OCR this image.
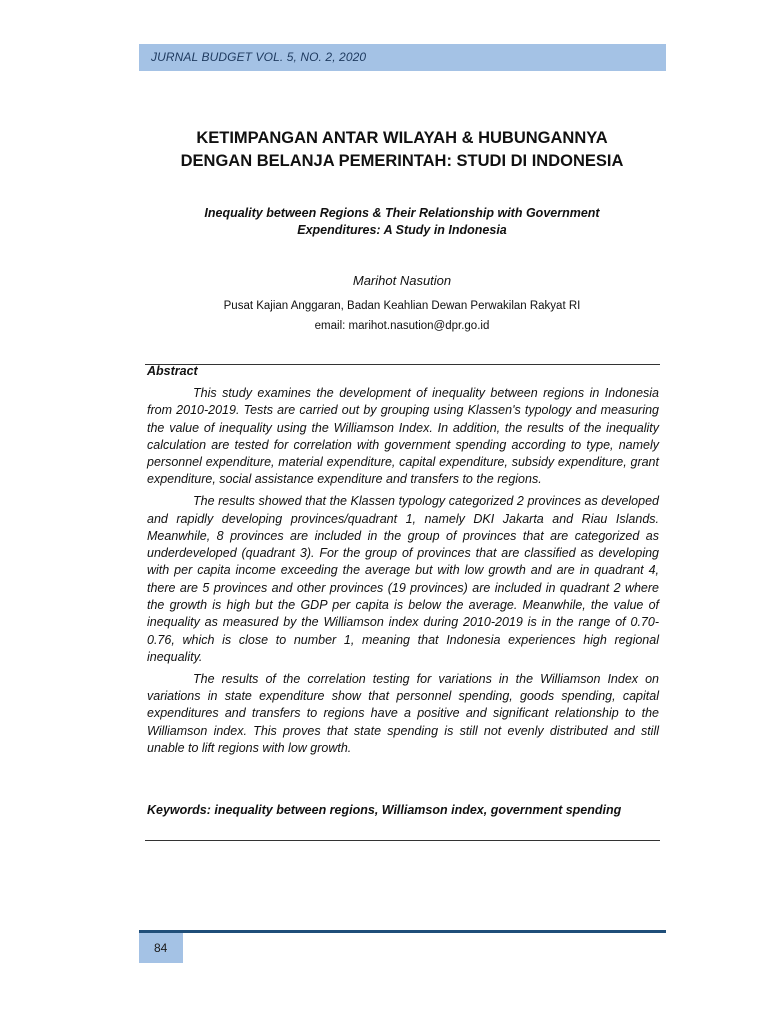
JURNAL BUDGET VOL. 5, NO. 2, 2020
KETIMPANGAN ANTAR WILAYAH & HUBUNGANNYA
DENGAN BELANJA PEMERINTAH: STUDI DI INDONESIA
Inequality between Regions & Their Relationship with Government
Expenditures: A Study in Indonesia
Marihot Nasution
Pusat Kajian Anggaran, Badan Keahlian Dewan Perwakilan Rakyat RI
email: marihot.nasution@dpr.go.id
Abstract

This study examines the development of inequality between regions in Indonesia from 2010-2019. Tests are carried out by grouping using Klassen's typology and measuring the value of inequality using the Williamson Index. In addition, the results of the inequality calculation are tested for correlation with government spending according to type, namely personnel expenditure, material expenditure, capital expenditure, subsidy expenditure, grant expenditure, social assistance expenditure and transfers to the regions.

The results showed that the Klassen typology categorized 2 provinces as developed and rapidly developing provinces/quadrant 1, namely DKI Jakarta and Riau Islands. Meanwhile, 8 provinces are included in the group of provinces that are categorized as underdeveloped (quadrant 3). For the group of provinces that are classified as developing with per capita income exceeding the average but with low growth and are in quadrant 4, there are 5 provinces and other provinces (19 provinces) are included in quadrant 2 where the growth is high but the GDP per capita is below the average. Meanwhile, the value of inequality as measured by the Williamson index during 2010-2019 is in the range of 0.70-0.76, which is close to number 1, meaning that Indonesia experiences high regional inequality.

The results of the correlation testing for variations in the Williamson Index on variations in state expenditure show that personnel spending, goods spending, capital expenditures and transfers to regions have a positive and significant relationship to the Williamson index. This proves that state spending is still not evenly distributed and still unable to lift regions with low growth.

Keywords: inequality between regions, Williamson index, government spending
84
